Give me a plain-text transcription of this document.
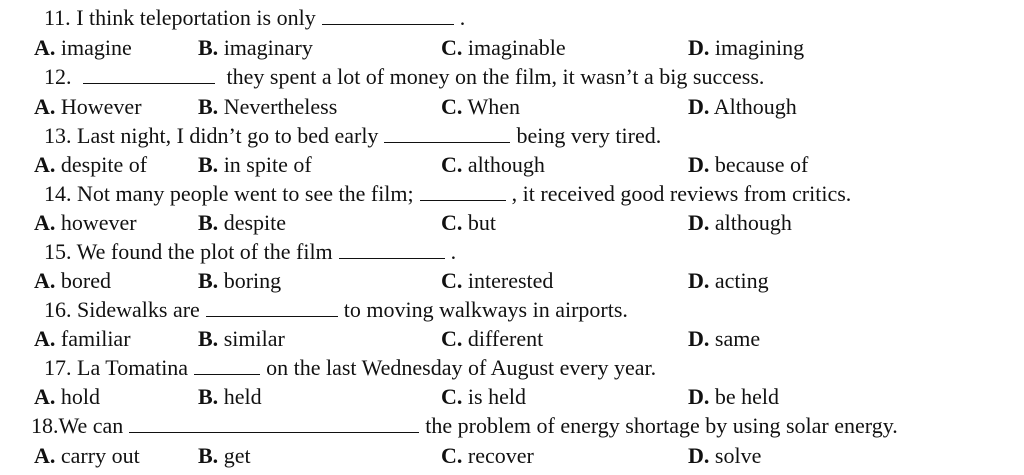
11. I think teleportation is only	.
A. imagine	B. imaginary	C. imaginable	D. imagining
12.	they spent a lot of money on the film, it wasn’t a big success.
A. However	B. Nevertheless	C. When	D. Although
13. Last night, I didn’t go to bed early	being very tired.
A. despite of B. in spite of	C. although	D. because of
14. Not many people went to see the film;	, it received good reviews from critics.
A. however	B. despite	C. but	D. although
15. We found the plot of the film	.
A. bored	B. boring	C. interested	D. acting
16. Sidewalks are	to moving walkways in airports.
A. familiar	B. similar	C. different	D. same
17. La Tomatina	on the last Wednesday of August every year.
A. hold	B. held	C. is held	D. be held
18.We can	the problem of energy shortage by using solar energy.
A. carry out	B. get	C. recover	D. solve
